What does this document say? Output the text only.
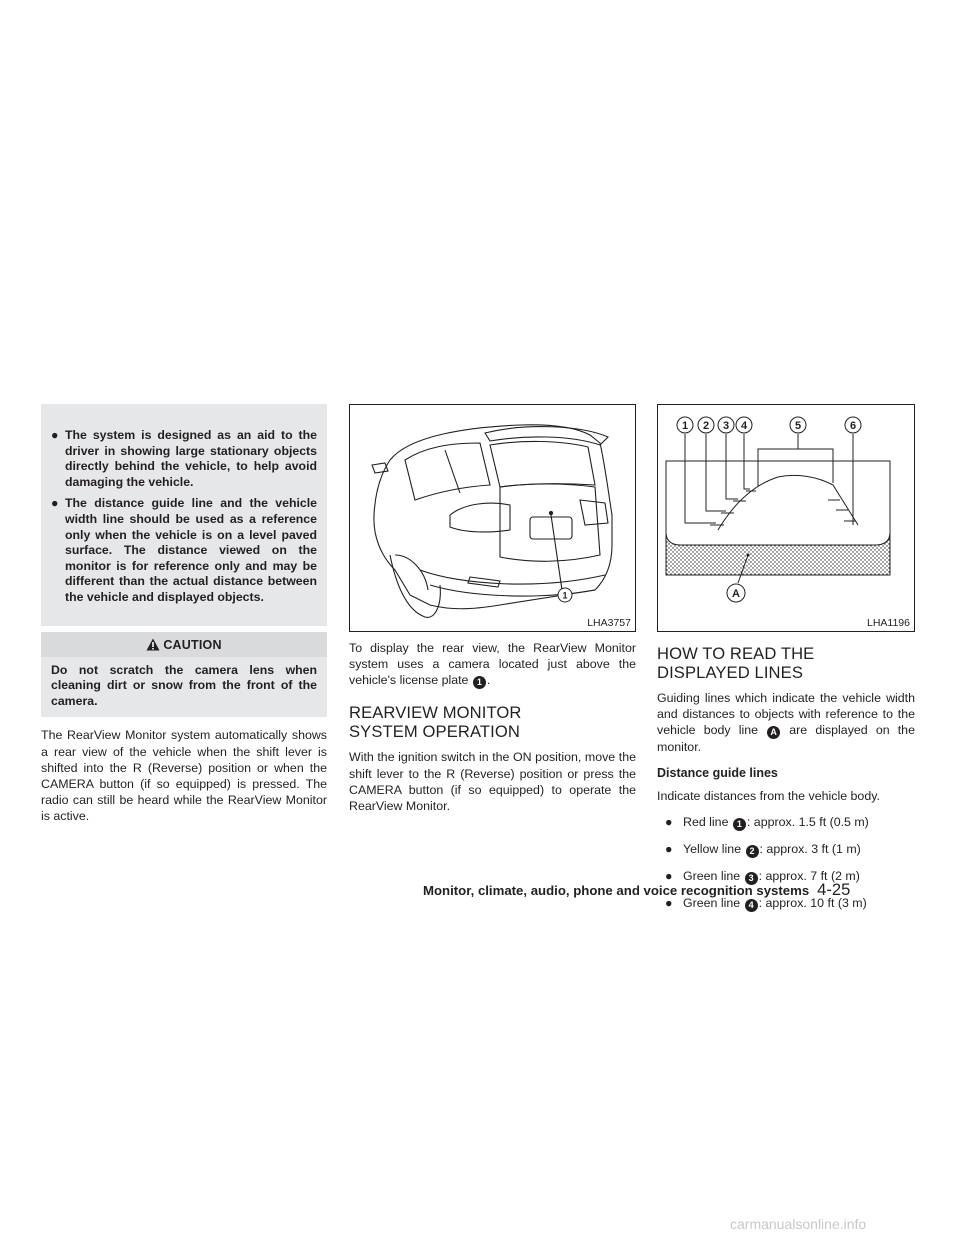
● The system is designed as an aid to the driver in showing large stationary objects directly behind the vehicle, to help avoid damaging the vehicle.
● The distance guide line and the vehicle width line should be used as a reference only when the vehicle is on a level paved surface. The distance viewed on the monitor is for reference only and may be different than the actual distance between the vehicle and displayed objects.
CAUTION
Do not scratch the camera lens when cleaning dirt or snow from the front of the camera.

The RearView Monitor system automatically shows a rear view of the vehicle when the shift lever is shifted into the R (Reverse) position or when the CAMERA button (if so equipped) is pressed. The radio can still be heard while the RearView Monitor is active.

1
LHA3757

To display the rear view, the RearView Monitor system uses a camera located just above the vehicle's license plate 1 .

REARVIEW MONITOR SYSTEM OPERATION

With the ignition switch in the ON position, move the shift lever to the R (Reverse) position or press the CAMERA button (if so equipped) to operate the RearView Monitor.

1 2 3 4	5	6
A
LHA1196
HOW TO READ THE DISPLAYED LINES

Guiding lines which indicate the vehicle width and distances to objects with reference to the vehicle body line A are displayed on the monitor.

Distance guide lines

Indicate distances from the vehicle body.

● Red line 1 : approx. 1.5 ft (0.5 m)
● Yellow line 2 : approx. 3 ft (1 m)
● Green line 3 : approx. 7 ft (2 m)
● Green line 4 : approx. 10 ft (3 m)
Monitor, climate, audio, phone and voice recognition systems 4-25
carmanualsonline.info
